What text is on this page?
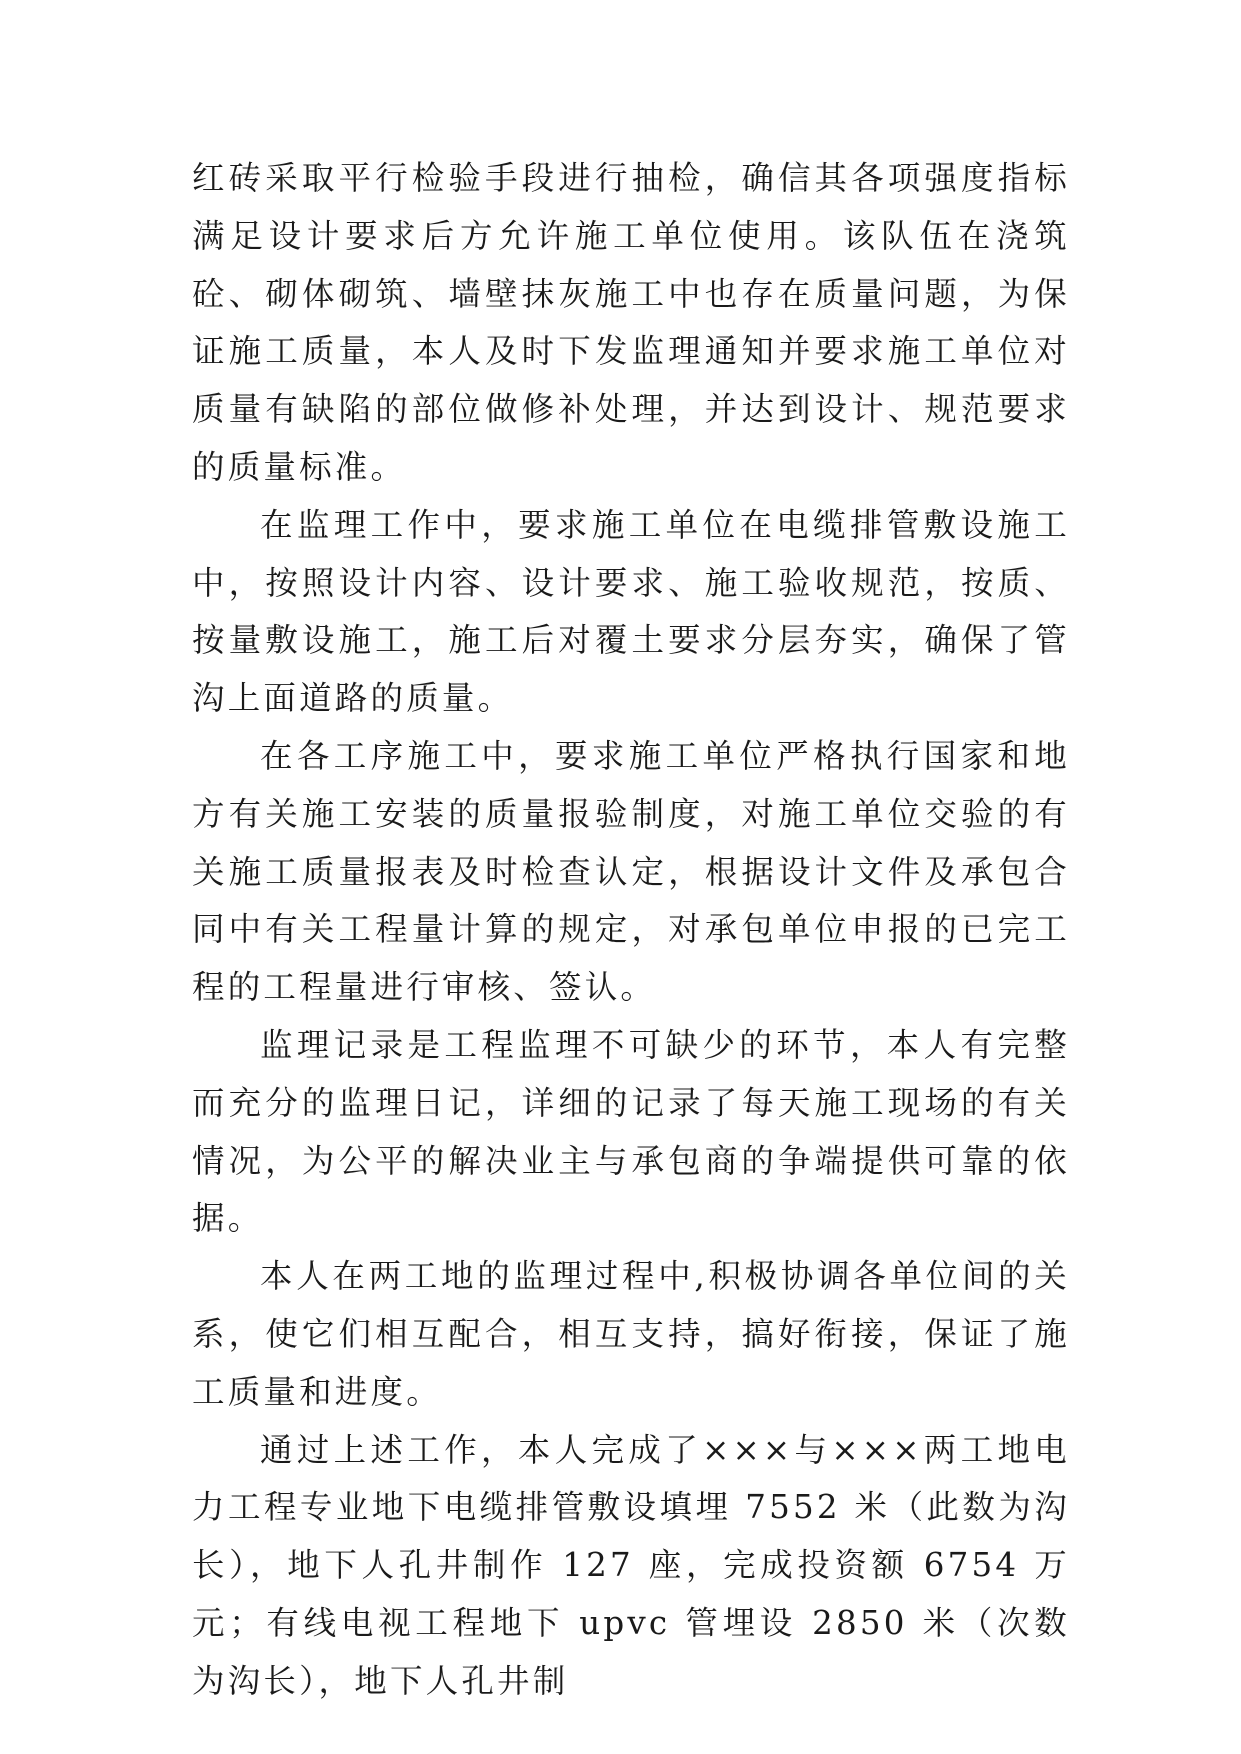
红砖采取平行检验手段进行抽检，确信其各项强度指标满足设计要求后方允许施工单位使用。该队伍在浇筑砼、砌体砌筑、墙壁抹灰施工中也存在质量问题，为保证施工质量，本人及时下发监理通知并要求施工单位对质量有缺陷的部位做修补处理，并达到设计、规范要求的质量标准。

在监理工作中，要求施工单位在电缆排管敷设施工中，按照设计内容、设计要求、施工验收规范，按质、按量敷设施工，施工后对覆土要求分层夯实，确保了管沟上面道路的质量。

在各工序施工中，要求施工单位严格执行国家和地方有关施工安装的质量报验制度，对施工单位交验的有关施工质量报表及时检查认定，根据设计文件及承包合同中有关工程量计算的规定，对承包单位申报的已完工程的工程量进行审核、签认。

监理记录是工程监理不可缺少的环节，本人有完整而充分的监理日记，详细的记录了每天施工现场的有关情况，为公平的解决业主与承包商的争端提供可靠的依据。

本人在两工地的监理过程中,积极协调各单位间的关系，使它们相互配合，相互支持，搞好衔接，保证了施工质量和进度。

通过上述工作，本人完成了×××与×××两工地电力工程专业地下电缆排管敷设填埋 7552 米（此数为沟长），地下人孔井制作 127 座，完成投资额 6754 万元；有线电视工程地下 upvc 管埋设 2850 米（次数为沟长），地下人孔井制
